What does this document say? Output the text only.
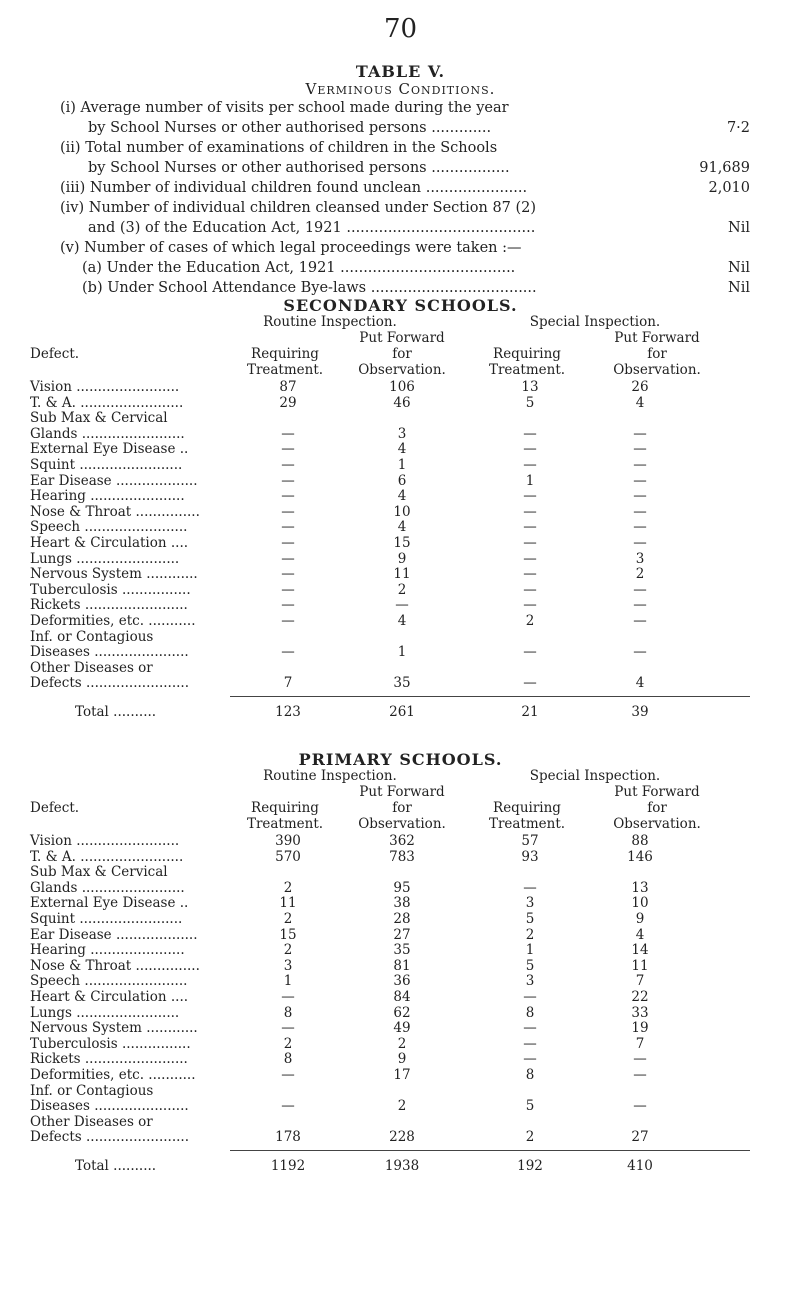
70
TABLE V.
Verminous Conditions.
(i) Average number of visits per school made during the year
by School Nurses or other authorised persons .............	7·2
(ii) Total number of examinations of children in the Schools
by School Nurses or other authorised persons .................	91,689
(iii) Number of individual children found unclean ......................	2,010
(iv) Number of individual children cleansed under Section 87 (2)
and (3) of the Education Act, 1921 .........................................	Nil
(v) Number of cases of which legal proceedings were taken :—
(a) Under the Education Act, 1921 ......................................	Nil
(b) Under School Attendance Bye-laws ....................................	Nil
SECONDARY SCHOOLS.
Routine Inspection.	Special Inspection.
Defect.	Requiring
Treatment.
Put Forward
for
Observation.
Requiring
Treatment.
Put Forward
for
Observation.
Vision ........................	87	106	13	26
T. & A. ........................	29	46	5	4
Sub Max & Cervical
Glands ........................	—	3	—	—
External Eye Disease ..	—	4	—	—
Squint ........................	—	1	—	—
Ear Disease ...................	—	6	1	—
Hearing ......................	—	4	—	—
Nose & Throat ...............	—	10	—	—
Speech ........................	—	4	—	—
Heart & Circulation ....	—	15	—	—
Lungs ........................	—	9	—	3
Nervous System ............	—	11	—	2
Tuberculosis ................	—	2	—	—
Rickets ........................	—	—	—	—
Deformities, etc. ...........	—	4	2	—
Inf. or Contagious
Diseases ......................	—	1	—	—
Other Diseases or
Defects ........................	7	35	—	4
Total ..........	123	261	21	39
PRIMARY SCHOOLS.
Routine Inspection.	Special Inspection.
Defect.	Requiring
Treatment.
Put Forward
for
Observation.
Requiring
Treatment.
Put Forward
for
Observation.
Vision ........................	390	362	57	88
T. & A. ........................	570	783	93	146
Sub Max & Cervical
Glands ........................	2	95	—	13
External Eye Disease ..	11	38	3	10
Squint ........................	2	28	5	9
Ear Disease ...................	15	27	2	4
Hearing ......................	2	35	1	14
Nose & Throat ...............	3	81	5	11
Speech ........................	1	36	3	7
Heart & Circulation ....	—	84	—	22
Lungs ........................	8	62	8	33
Nervous System ............	—	49	—	19
Tuberculosis ................	2	2	—	7
Rickets ........................	8	9	—	—
Deformities, etc. ...........	—	17	8	—
Inf. or Contagious
Diseases ......................	—	2	5	—
Other Diseases or
Defects ........................	178	228	2	27
Total ..........	1192	1938	192	410
